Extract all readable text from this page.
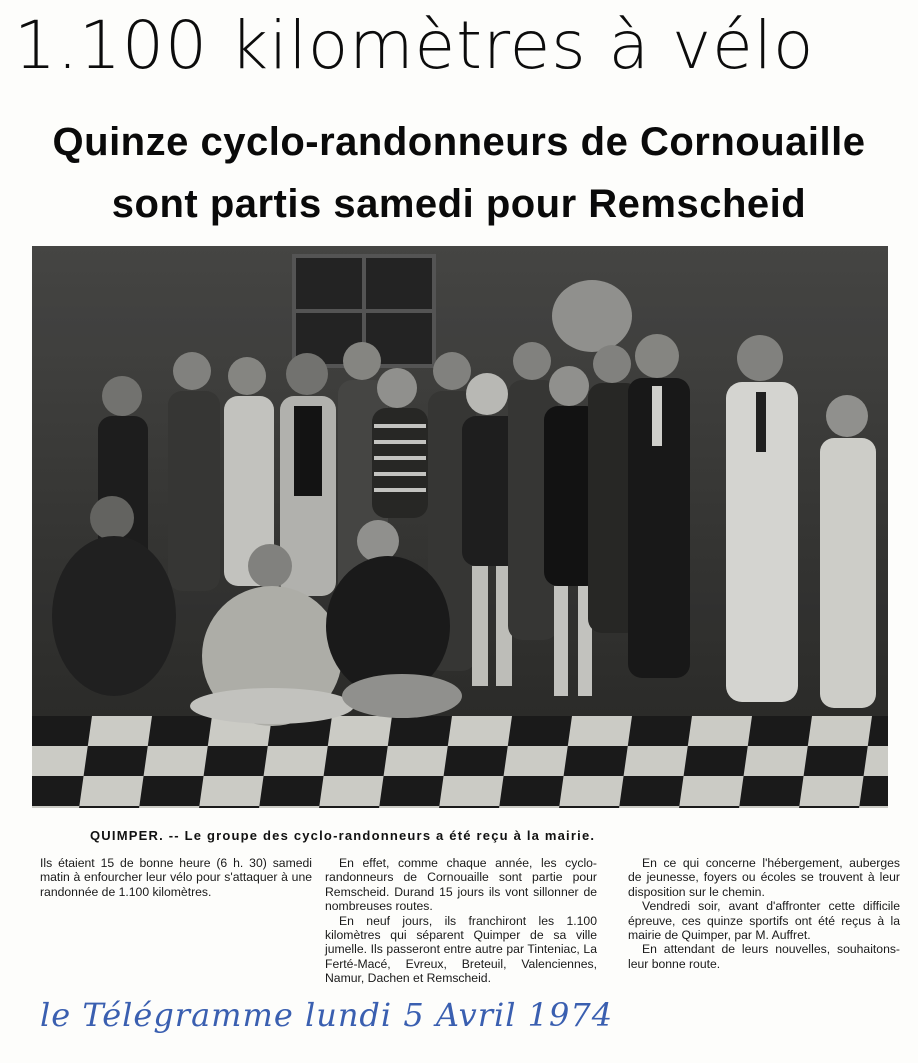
1.100 kilomètres à vélo
Quinze cyclo-randonneurs de Cornouaille
sont partis samedi pour Remscheid
QUIMPER. -- Le groupe des cyclo-randonneurs a été reçu à la mairie.

Ils étaient 15 de bonne heure (6 h. 30) samedi matin à enfourcher leur vélo pour s'attaquer à une randonnée de 1.100 kilomètres.

En effet, comme chaque année, les cyclo-randonneurs de Cornouaille sont partie pour Remscheid. Durand 15 jours ils vont sillonner de nombreuses routes.

En neuf jours, ils franchiront les 1.100 kilomètres qui séparent Quimper de sa ville jumelle. Ils passeront entre autre par Tinteniac, La Ferté-Macé, Evreux, Breteuil, Valenciennes, Namur, Dachen et Remscheid.

En ce qui concerne l'hébergement, auberges de jeunesse, foyers ou écoles se trouvent à leur disposition sur le chemin.

Vendredi soir, avant d'affronter cette difficile épreuve, ces quinze sportifs ont été reçus à la mairie de Quimper, par M. Auffret.

En attendant de leurs nouvelles, souhaitons-leur bonne route.

le Télégramme lundi 5 Avril 1974
